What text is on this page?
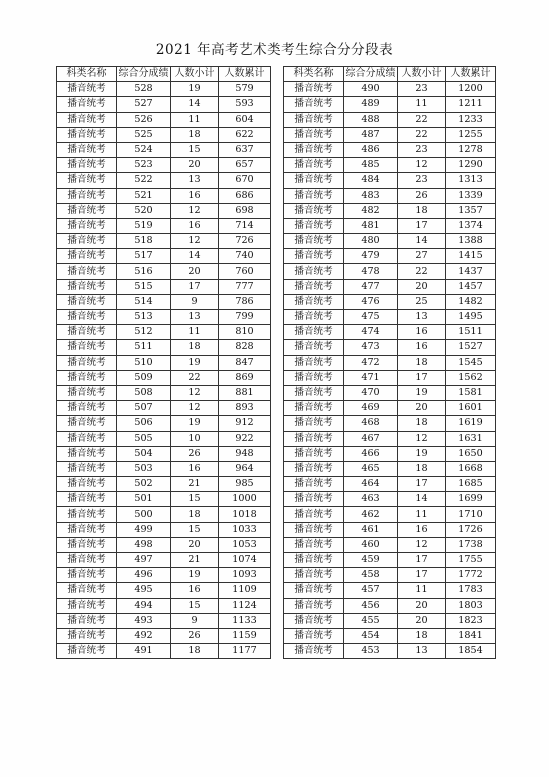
2021 年高考艺术类考生综合分分段表
科类名称	综合分成绩	人数小计	人数累计
播音统考	528	19	579
播音统考	527	14	593
播音统考	526	11	604
播音统考	525	18	622
播音统考	524	15	637
播音统考	523	20	657
播音统考	522	13	670
播音统考	521	16	686
播音统考	520	12	698
播音统考	519	16	714
播音统考	518	12	726
播音统考	517	14	740
播音统考	516	20	760
播音统考	515	17	777
播音统考	514	9	786
播音统考	513	13	799
播音统考	512	11	810
播音统考	511	18	828
播音统考	510	19	847
播音统考	509	22	869
播音统考	508	12	881
播音统考	507	12	893
播音统考	506	19	912
播音统考	505	10	922
播音统考	504	26	948
播音统考	503	16	964
播音统考	502	21	985
播音统考	501	15	1000
播音统考	500	18	1018
播音统考	499	15	1033
播音统考	498	20	1053
播音统考	497	21	1074
播音统考	496	19	1093
播音统考	495	16	1109
播音统考	494	15	1124
播音统考	493	9	1133
播音统考	492	26	1159
播音统考	491	18	1177
科类名称	综合分成绩	人数小计	人数累计
播音统考	490	23	1200
播音统考	489	11	1211
播音统考	488	22	1233
播音统考	487	22	1255
播音统考	486	23	1278
播音统考	485	12	1290
播音统考	484	23	1313
播音统考	483	26	1339
播音统考	482	18	1357
播音统考	481	17	1374
播音统考	480	14	1388
播音统考	479	27	1415
播音统考	478	22	1437
播音统考	477	20	1457
播音统考	476	25	1482
播音统考	475	13	1495
播音统考	474	16	1511
播音统考	473	16	1527
播音统考	472	18	1545
播音统考	471	17	1562
播音统考	470	19	1581
播音统考	469	20	1601
播音统考	468	18	1619
播音统考	467	12	1631
播音统考	466	19	1650
播音统考	465	18	1668
播音统考	464	17	1685
播音统考	463	14	1699
播音统考	462	11	1710
播音统考	461	16	1726
播音统考	460	12	1738
播音统考	459	17	1755
播音统考	458	17	1772
播音统考	457	11	1783
播音统考	456	20	1803
播音统考	455	20	1823
播音统考	454	18	1841
播音统考	453	13	1854
